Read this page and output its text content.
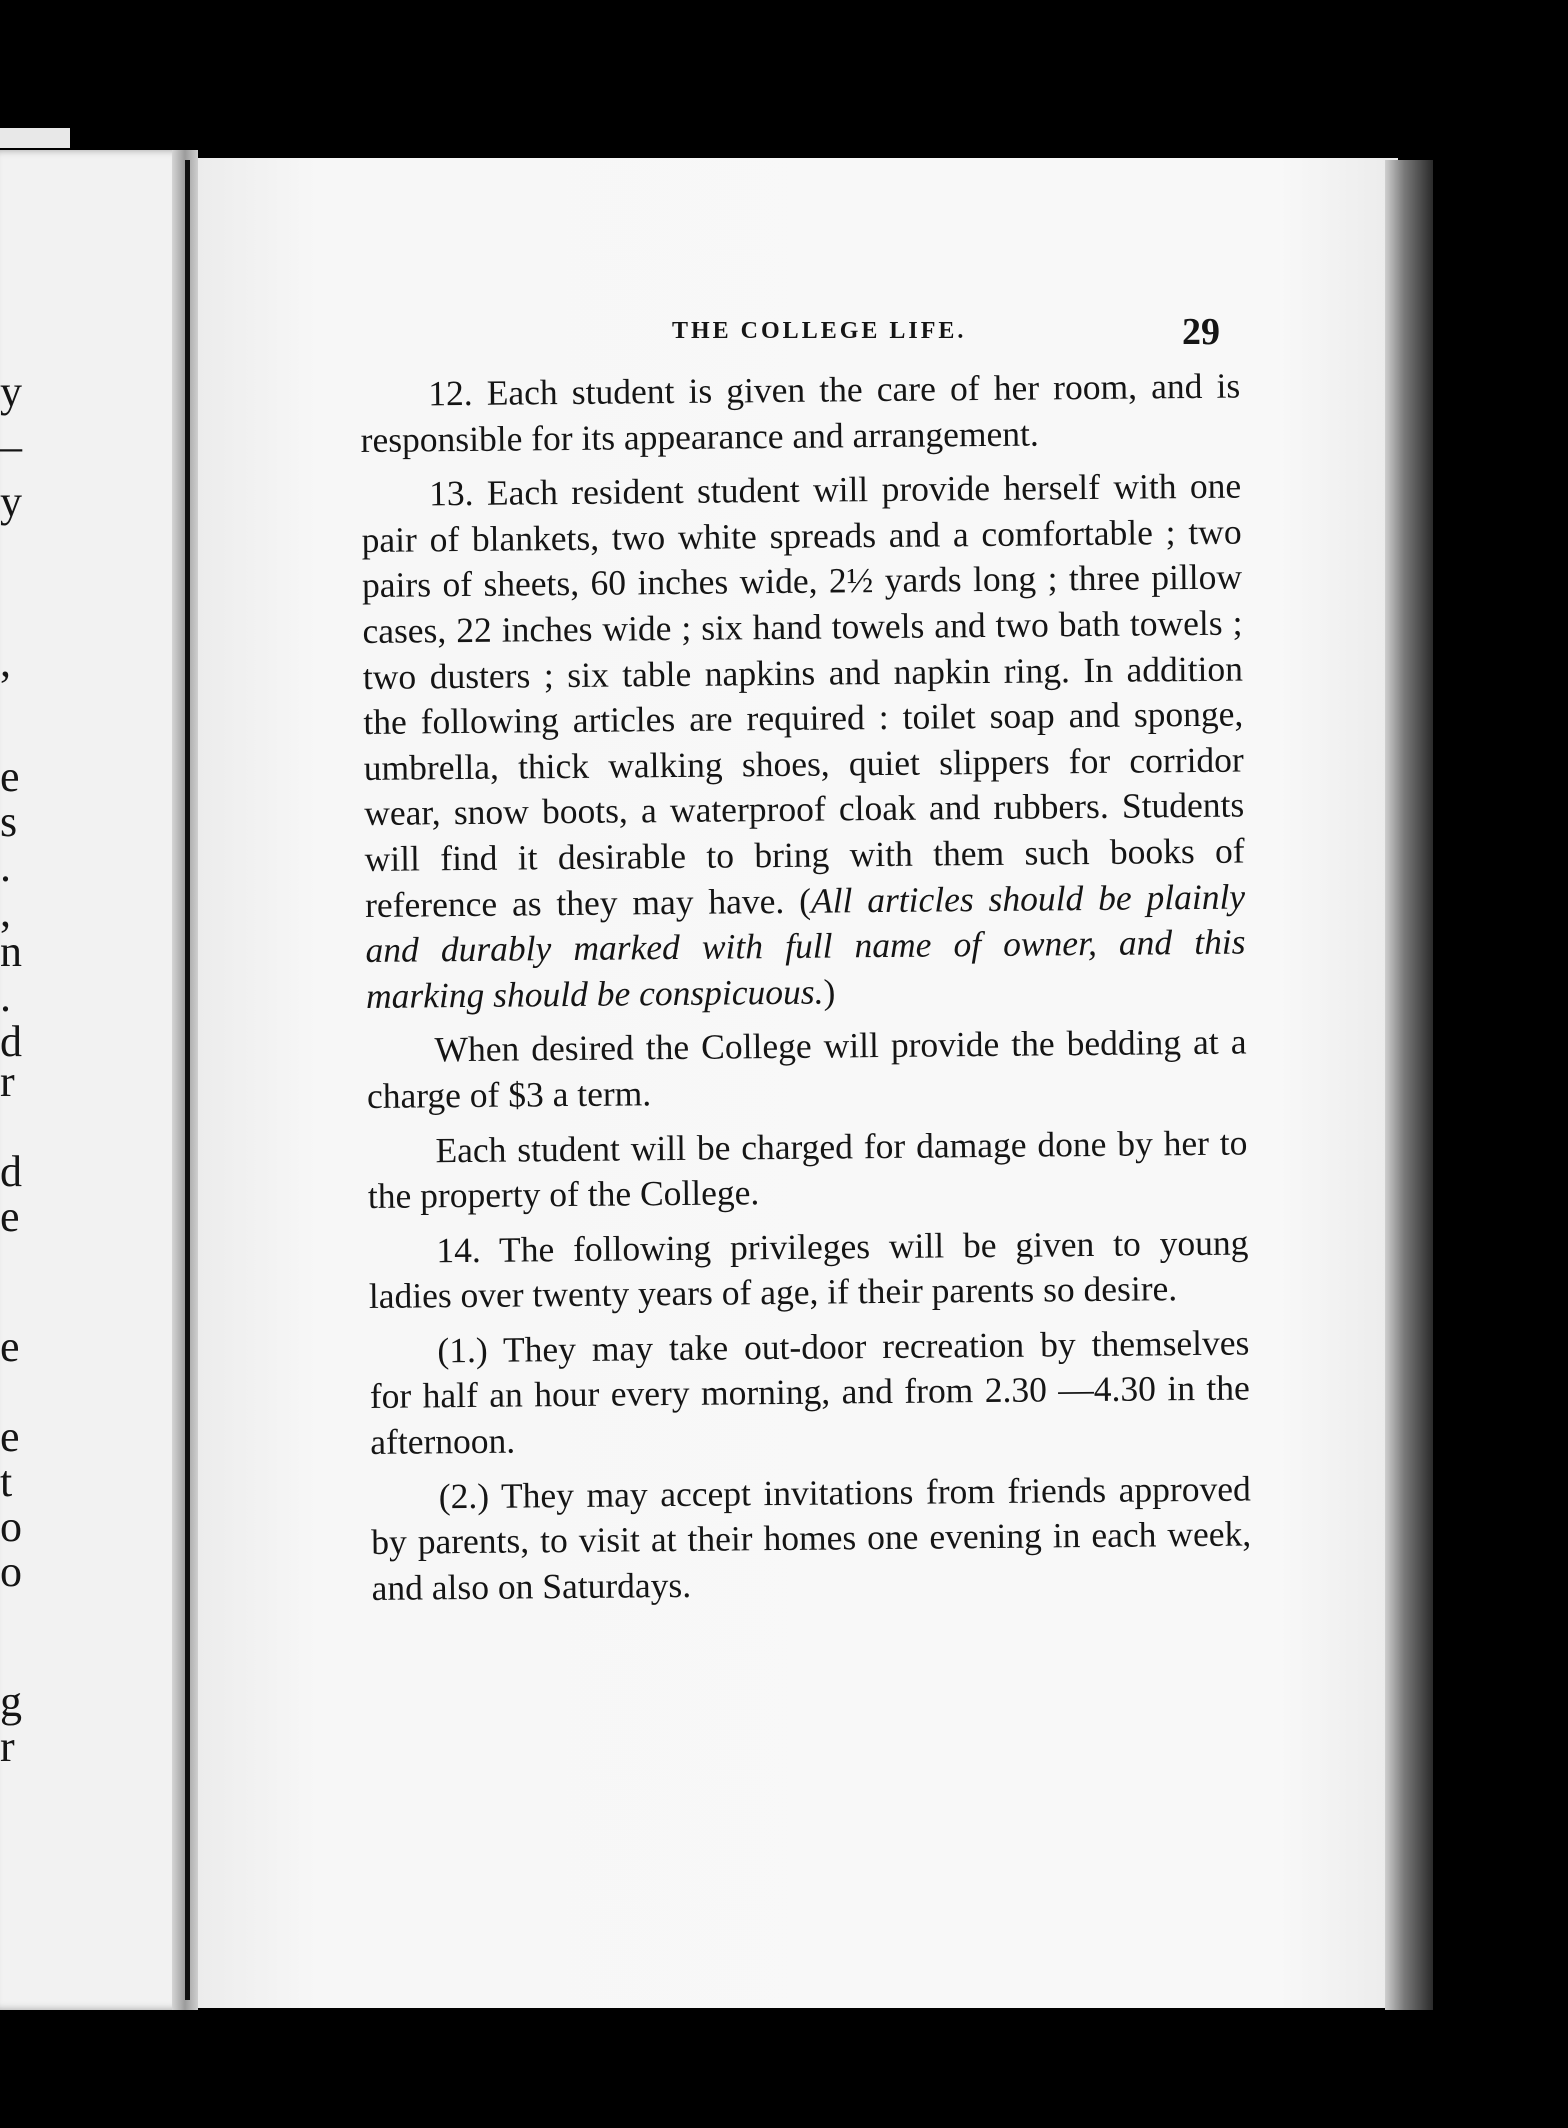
y
–
y
,
e
s
.
,
n
.
d
r
d
e
e
e
t
o
o
g
r
THE COLLEGE LIFE.	29

12. Each student is given the care of her room, and is responsible for its appearance and arrangement.

13. Each resident student will provide herself with one pair of blankets, two white spreads and a comfortable ; two pairs of sheets, 60 inches wide, 2½ yards long ; three pillow cases, 22 inches wide ; six hand towels and two bath towels ; two dusters ; six table napkins and napkin ring. In addition the following articles are required : toilet soap and sponge, umbrella, thick walking shoes, quiet slippers for corridor wear, snow boots, a waterproof cloak and rubbers. Students will find it desirable to bring with them such books of reference as they may have. (All articles should be plainly and durably marked with full name of owner, and this marking should be conspicuous.)

When desired the College will provide the bedding at a charge of $3 a term.

Each student will be charged for damage done by her to the property of the College.

14. The following privileges will be given to young ladies over twenty years of age, if their parents so desire.

(1.) They may take out-door recreation by themselves for half an hour every morning, and from 2.30 —4.30 in the afternoon.

(2.) They may accept invitations from friends approved by parents, to visit at their homes one evening in each week, and also on Saturdays.
